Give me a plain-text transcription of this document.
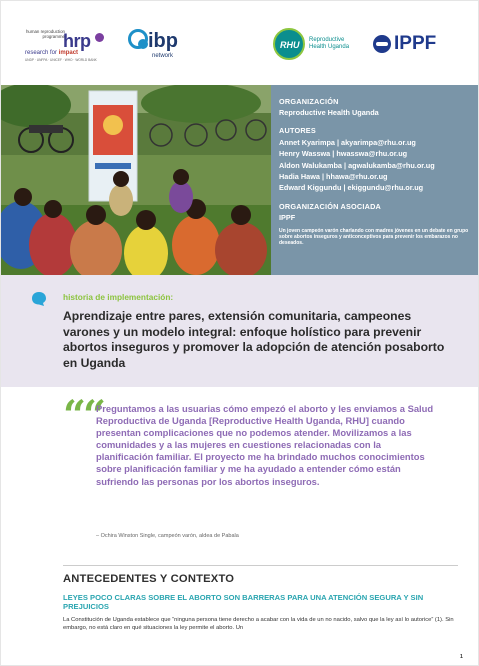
human reproduction programme
hrp
research for impact
UNDP · UNFPA · UNICEF · WHO · WORLD BANK
ibp
network
RHU Reproductive
Health Uganda IPPF
ORGANIZACIÓN
Reproductive Health Uganda
AUTORES
Annet Kyarimpa | akyarimpa@rhu.or.ug
Henry Wasswa | hwasswa@rhu.or.ug
Aldon Walukamba | agwalukamba@rhu.or.ug
Hadia Hawa | hhawa@rhu.or.ug
Edward Kiggundu | ekiggundu@rhu.or.ug
ORGANIZACIÓN ASOCIADA
IPPF
Un joven campeón varón charlando con madres jóvenes en un debate en grupo sobre abortos inseguros y anticonceptivos para prevenir los embarazos no deseados.
historia de implementación:
Aprendizaje entre pares, extensión comunitaria, campeones varones y un modelo integral: enfoque holístico para prevenir abortos inseguros y promover la adopción de atención posaborto en Uganda
““
Preguntamos a las usuarias cómo empezó el aborto y les enviamos a Salud Reproductiva de Uganda [Reproductive Health Uganda, RHU] cuando presentan complicaciones que no podemos atender. Movilizamos a las comunidades y a las mujeres en cuestiones relacionadas con la planificación familiar. El proyecto me ha brindado muchos conocimientos sobre planificación familiar y me ha ayudado a entender cómo están sufriendo las personas por los abortos inseguros.
– Ochira Winston Single, campeón varón, aldea de Pabala
ANTECEDENTES Y CONTEXTO
LEYES POCO CLARAS SOBRE EL ABORTO SON BARRERAS PARA UNA ATENCIÓN SEGURA Y SIN PREJUICIOS
La Constitución de Uganda establece que “ninguna persona tiene derecho a acabar con la vida de un no nacido, salvo que la ley así lo autorice” (1). Sin embargo, no está claro en qué situaciones la ley permite el aborto. Un
1
